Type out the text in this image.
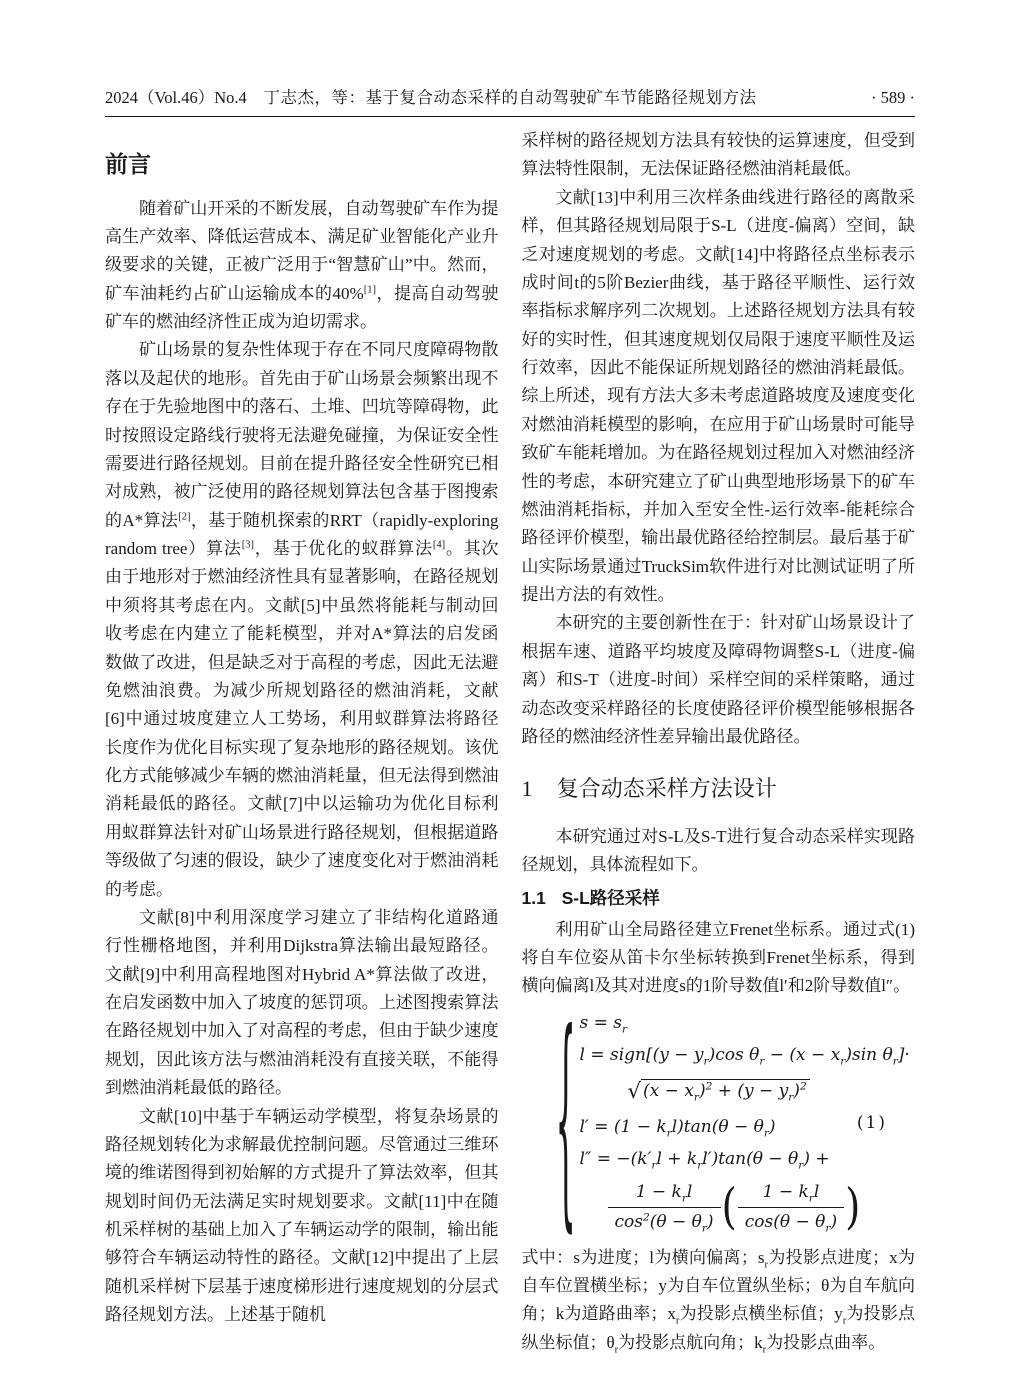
2024（Vol.46）No.4	丁志杰，等：基于复合动态采样的自动驾驶矿车节能路径规划方法	· 589 ·
前言

随着矿山开采的不断发展，自动驾驶矿车作为提高生产效率、降低运营成本、满足矿业智能化产业升级要求的关键，正被广泛用于“智慧矿山”中。然而，矿车油耗约占矿山运输成本的40%[1]，提高自动驾驶矿车的燃油经济性正成为迫切需求。

矿山场景的复杂性体现于存在不同尺度障碍物散落以及起伏的地形。首先由于矿山场景会频繁出现不存在于先验地图中的落石、土堆、凹坑等障碍物，此时按照设定路线行驶将无法避免碰撞，为保证安全性需要进行路径规划。目前在提升路径安全性研究已相对成熟，被广泛使用的路径规划算法包含基于图搜索的A*算法[2]，基于随机探索的RRT（rapidly-exploring random tree）算法[3]，基于优化的蚁群算法[4]。其次由于地形对于燃油经济性具有显著影响，在路径规划中须将其考虑在内。文献[5]中虽然将能耗与制动回收考虑在内建立了能耗模型，并对A*算法的启发函数做了改进，但是缺乏对于高程的考虑，因此无法避免燃油浪费。为减少所规划路径的燃油消耗，文献[6]中通过坡度建立人工势场，利用蚁群算法将路径长度作为优化目标实现了复杂地形的路径规划。该优化方式能够减少车辆的燃油消耗量，但无法得到燃油消耗最低的路径。文献[7]中以运输功为优化目标利用蚁群算法针对矿山场景进行路径规划，但根据道路等级做了匀速的假设，缺少了速度变化对于燃油消耗的考虑。

文献[8]中利用深度学习建立了非结构化道路通行性栅格地图，并利用Dijkstra算法输出最短路径。文献[9]中利用高程地图对Hybrid A*算法做了改进，在启发函数中加入了坡度的惩罚项。上述图搜索算法在路径规划中加入了对高程的考虑，但由于缺少速度规划，因此该方法与燃油消耗没有直接关联，不能得到燃油消耗最低的路径。

文献[10]中基于车辆运动学模型，将复杂场景的路径规划转化为求解最优控制问题。尽管通过三维环境的维诺图得到初始解的方式提升了算法效率，但其规划时间仍无法满足实时规划要求。文献[11]中在随机采样树的基础上加入了车辆运动学的限制，输出能够符合车辆运动特性的路径。文献[12]中提出了上层随机采样树下层基于速度梯形进行速度规划的分层式路径规划方法。上述基于随机

采样树的路径规划方法具有较快的运算速度，但受到算法特性限制，无法保证路径燃油消耗最低。

文献[13]中利用三次样条曲线进行路径的离散采样，但其路径规划局限于S-L（进度-偏离）空间，缺乏对速度规划的考虑。文献[14]中将路径点坐标表示成时间t的5阶Bezier曲线，基于路径平顺性、运行效率指标求解序列二次规划。上述路径规划方法具有较好的实时性，但其速度规划仅局限于速度平顺性及运行效率，因此不能保证所规划路径的燃油消耗最低。综上所述，现有方法大多未考虑道路坡度及速度变化对燃油消耗模型的影响，在应用于矿山场景时可能导致矿车能耗增加。为在路径规划过程加入对燃油经济性的考虑，本研究建立了矿山典型地形场景下的矿车燃油消耗指标，并加入至安全性-运行效率-能耗综合路径评价模型，输出最优路径给控制层。最后基于矿山实际场景通过TruckSim软件进行对比测试证明了所提出方法的有效性。

本研究的主要创新性在于：针对矿山场景设计了根据车速、道路平均坡度及障碍物调整S-L（进度-偏离）和S-T（进度-时间）采样空间的采样策略，通过动态改变采样路径的长度使路径评价模型能够根据各路径的燃油经济性差异输出最优路径。

1 复合动态采样方法设计

本研究通过对S-L及S-T进行复合动态采样实现路径规划，具体流程如下。

1.1 S-L路径采样

利用矿山全局路径建立Frenet坐标系。通过式(1)将自车位姿从笛卡尔坐标转换到Frenet坐标系，得到横向偏离l及其对进度s的1阶导数值l′和2阶导数值l″。

{ $s = s_r$
l = sign[(y − $y_r)\cos$ $\theta_r - (x - x_r)\sin$ $\theta_r]\cdot$
√ $(x - x_r)^2 + (y - y_r)^2$
$l' = (1 - k_rl)\tan(\theta - \theta_r)$
$l'' = -(k'_rl + k_rl')\tan(\theta - \theta_r)$ +
$\frac{1 - k_rl}{\cos^2(\theta - \theta_r)}$ ( $\frac{1 - k_rl}{\cos(\theta - \theta_r)}$ )
(1)

式中：s为进度；l为横向偏离；$s_r$为投影点进度；x为自车位置横坐标；y为自车位置纵坐标；θ为自车航向角；k为道路曲率；$x_r$为投影点横坐标值；$y_r$为投影点纵坐标值；$\theta_r$为投影点航向角；$k_r$为投影点曲率。
